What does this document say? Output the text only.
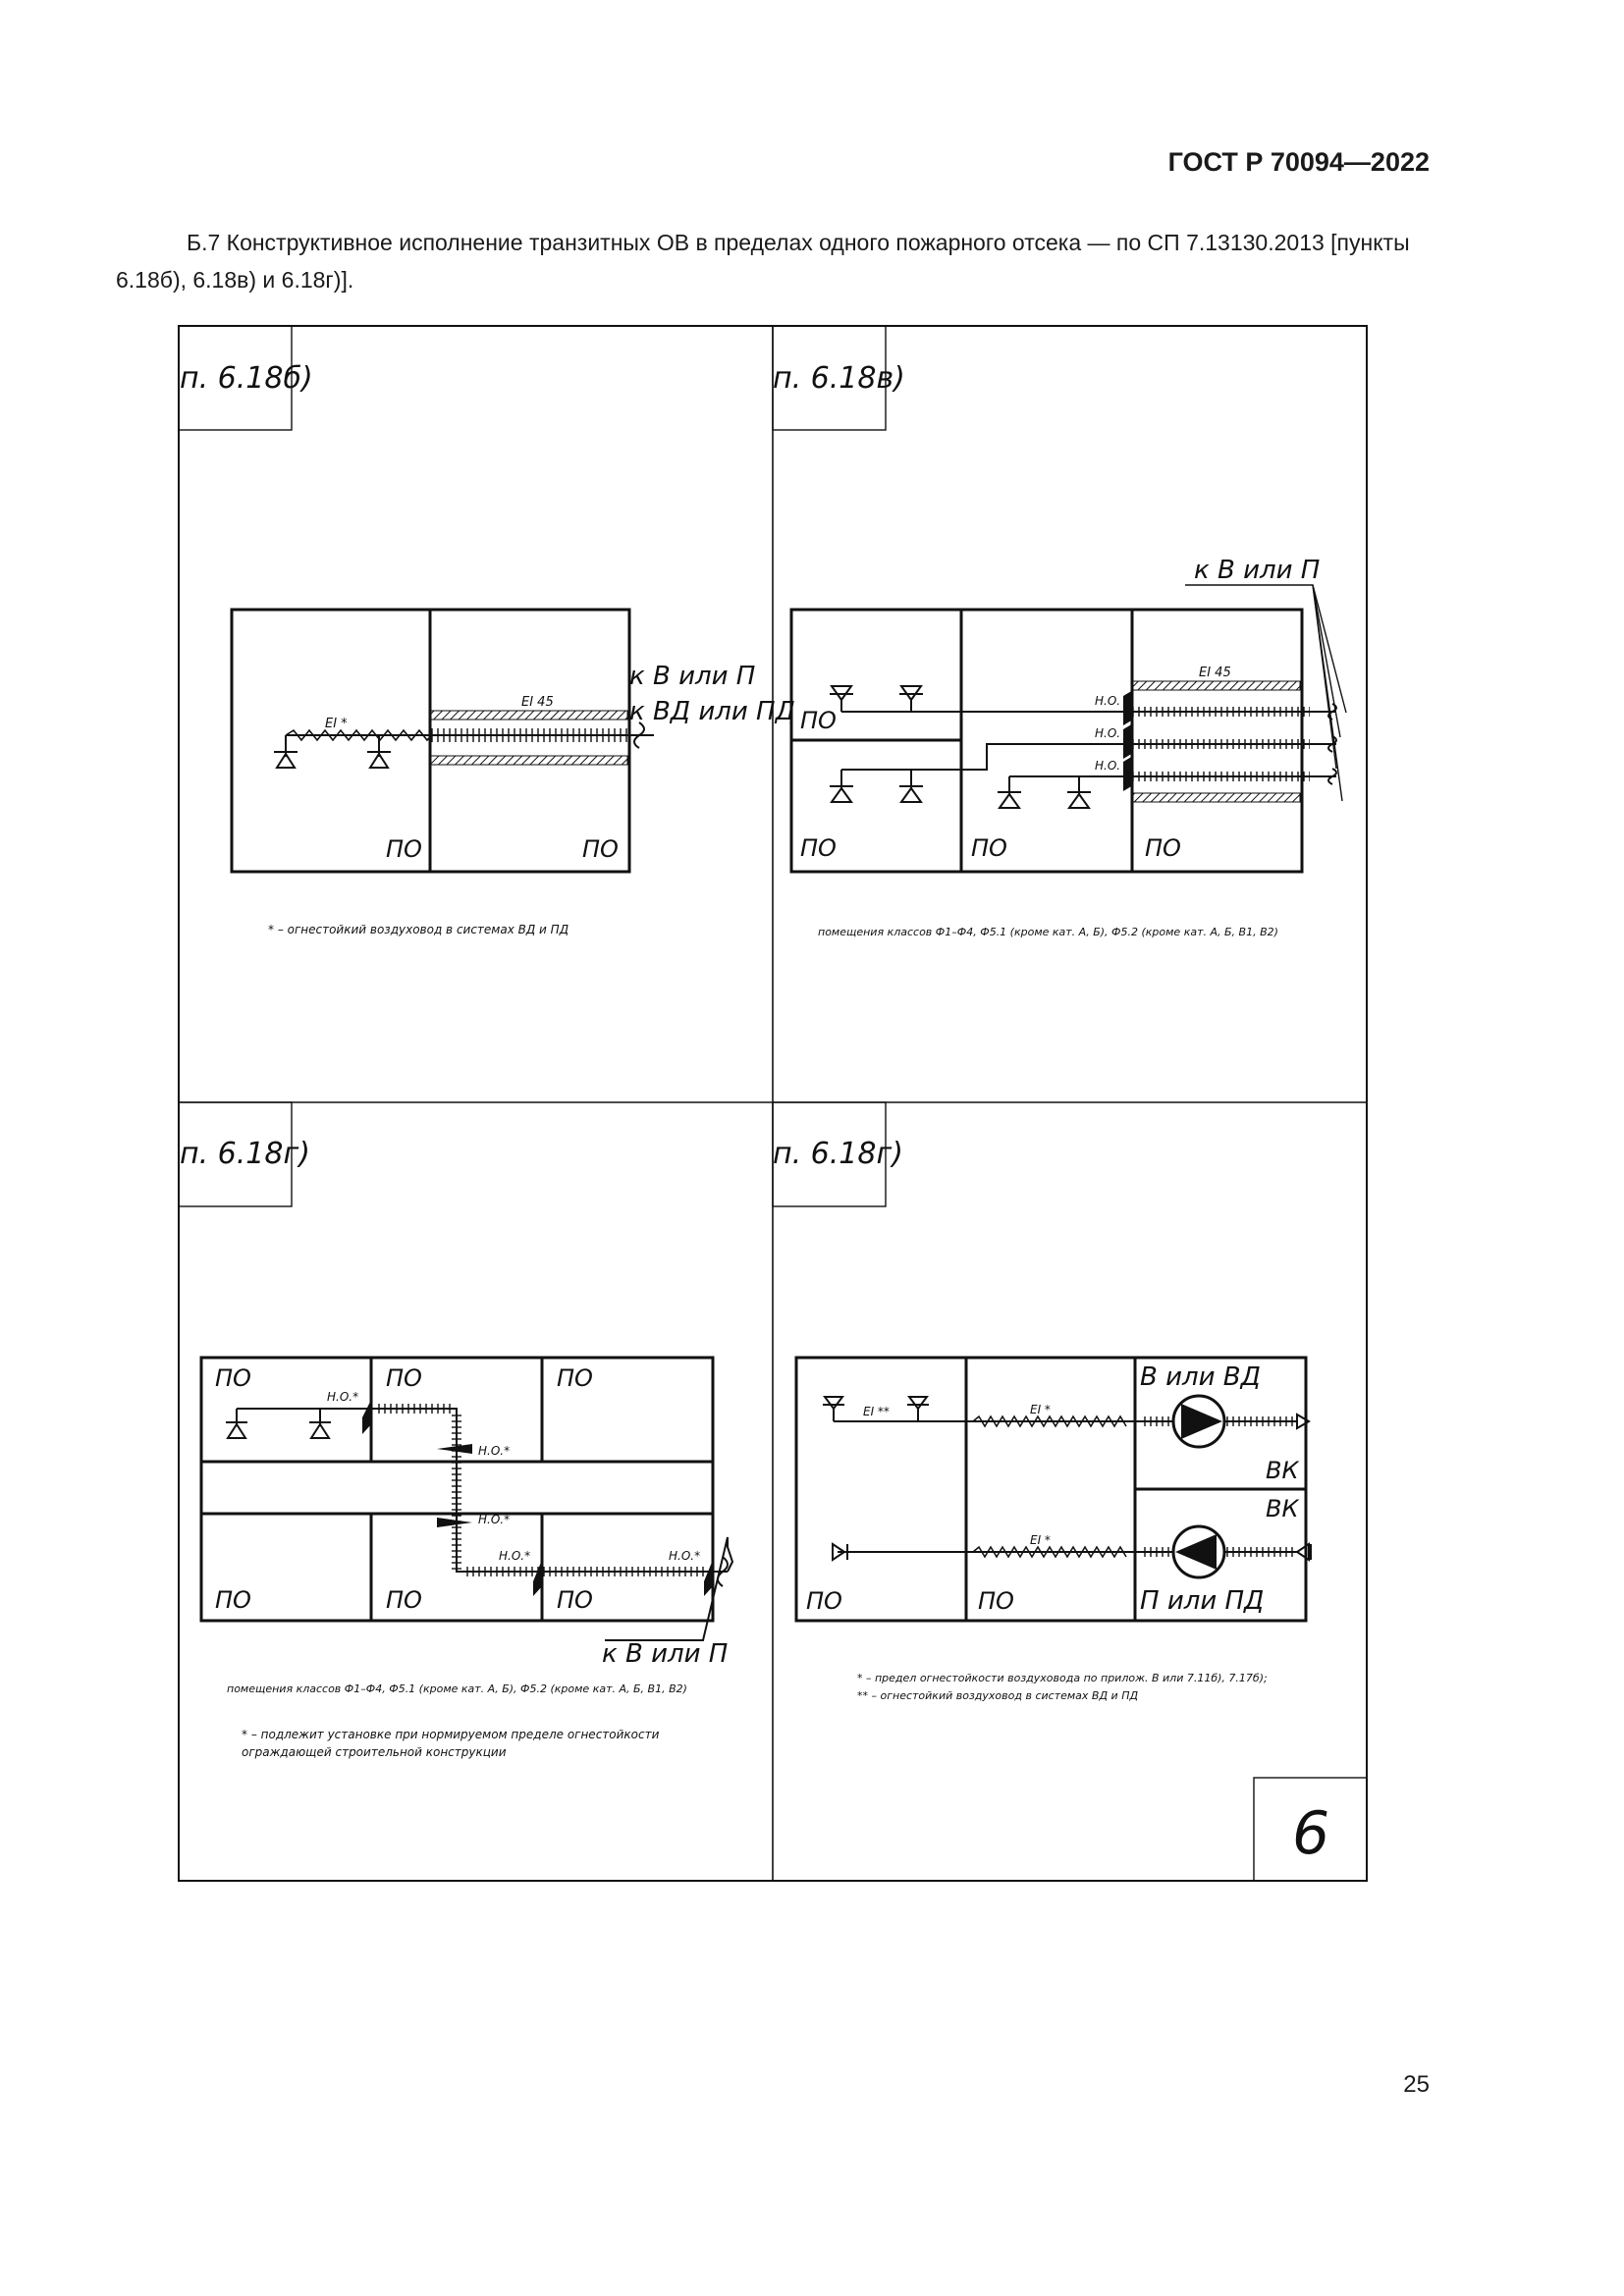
ГОСТ Р 70094—2022
Б.7 Конструктивное исполнение транзитных ОВ в пределах одного пожарного отсека — по СП 7.13130.2013 [пункты 6.18б), 6.18в) и 6.18г)].
п. 6.18б)
EI *
EI 45
к В или П
к ВД или ПД
ПО	ПО
* – огнестойкий воздуховод в системах ВД и ПД
п. 6.18в)
к В или П
EI 45
Н.О.
Н.О.
Н.О.
ПО
ПО	ПО	ПО
помещения классов Ф1–Ф4, Ф5.1 (кроме кат. А, Б), Ф5.2 (кроме кат. А, Б, В1, В2)
п. 6.18г)
Н.О.*
Н.О.*
Н.О.*
Н.О.*	Н.О.*
ПО	ПО	ПО
ПО	ПО	ПО
к В или П
помещения классов Ф1–Ф4, Ф5.1 (кроме кат. А, Б), Ф5.2 (кроме кат. А, Б, В1, В2)
* – подлежит установке при нормируемом пределе огнестойкости
ограждающей строительной конструкции
п. 6.18г)
EI **	EI *
EI *
В или ВД
ВК
ВК
П или ПД
ПО	ПО
* – предел огнестойкости воздуховода по прилож. В или 7.11б), 7.17б);
** – огнестойкий воздуховод в системах ВД и ПД
6
25
